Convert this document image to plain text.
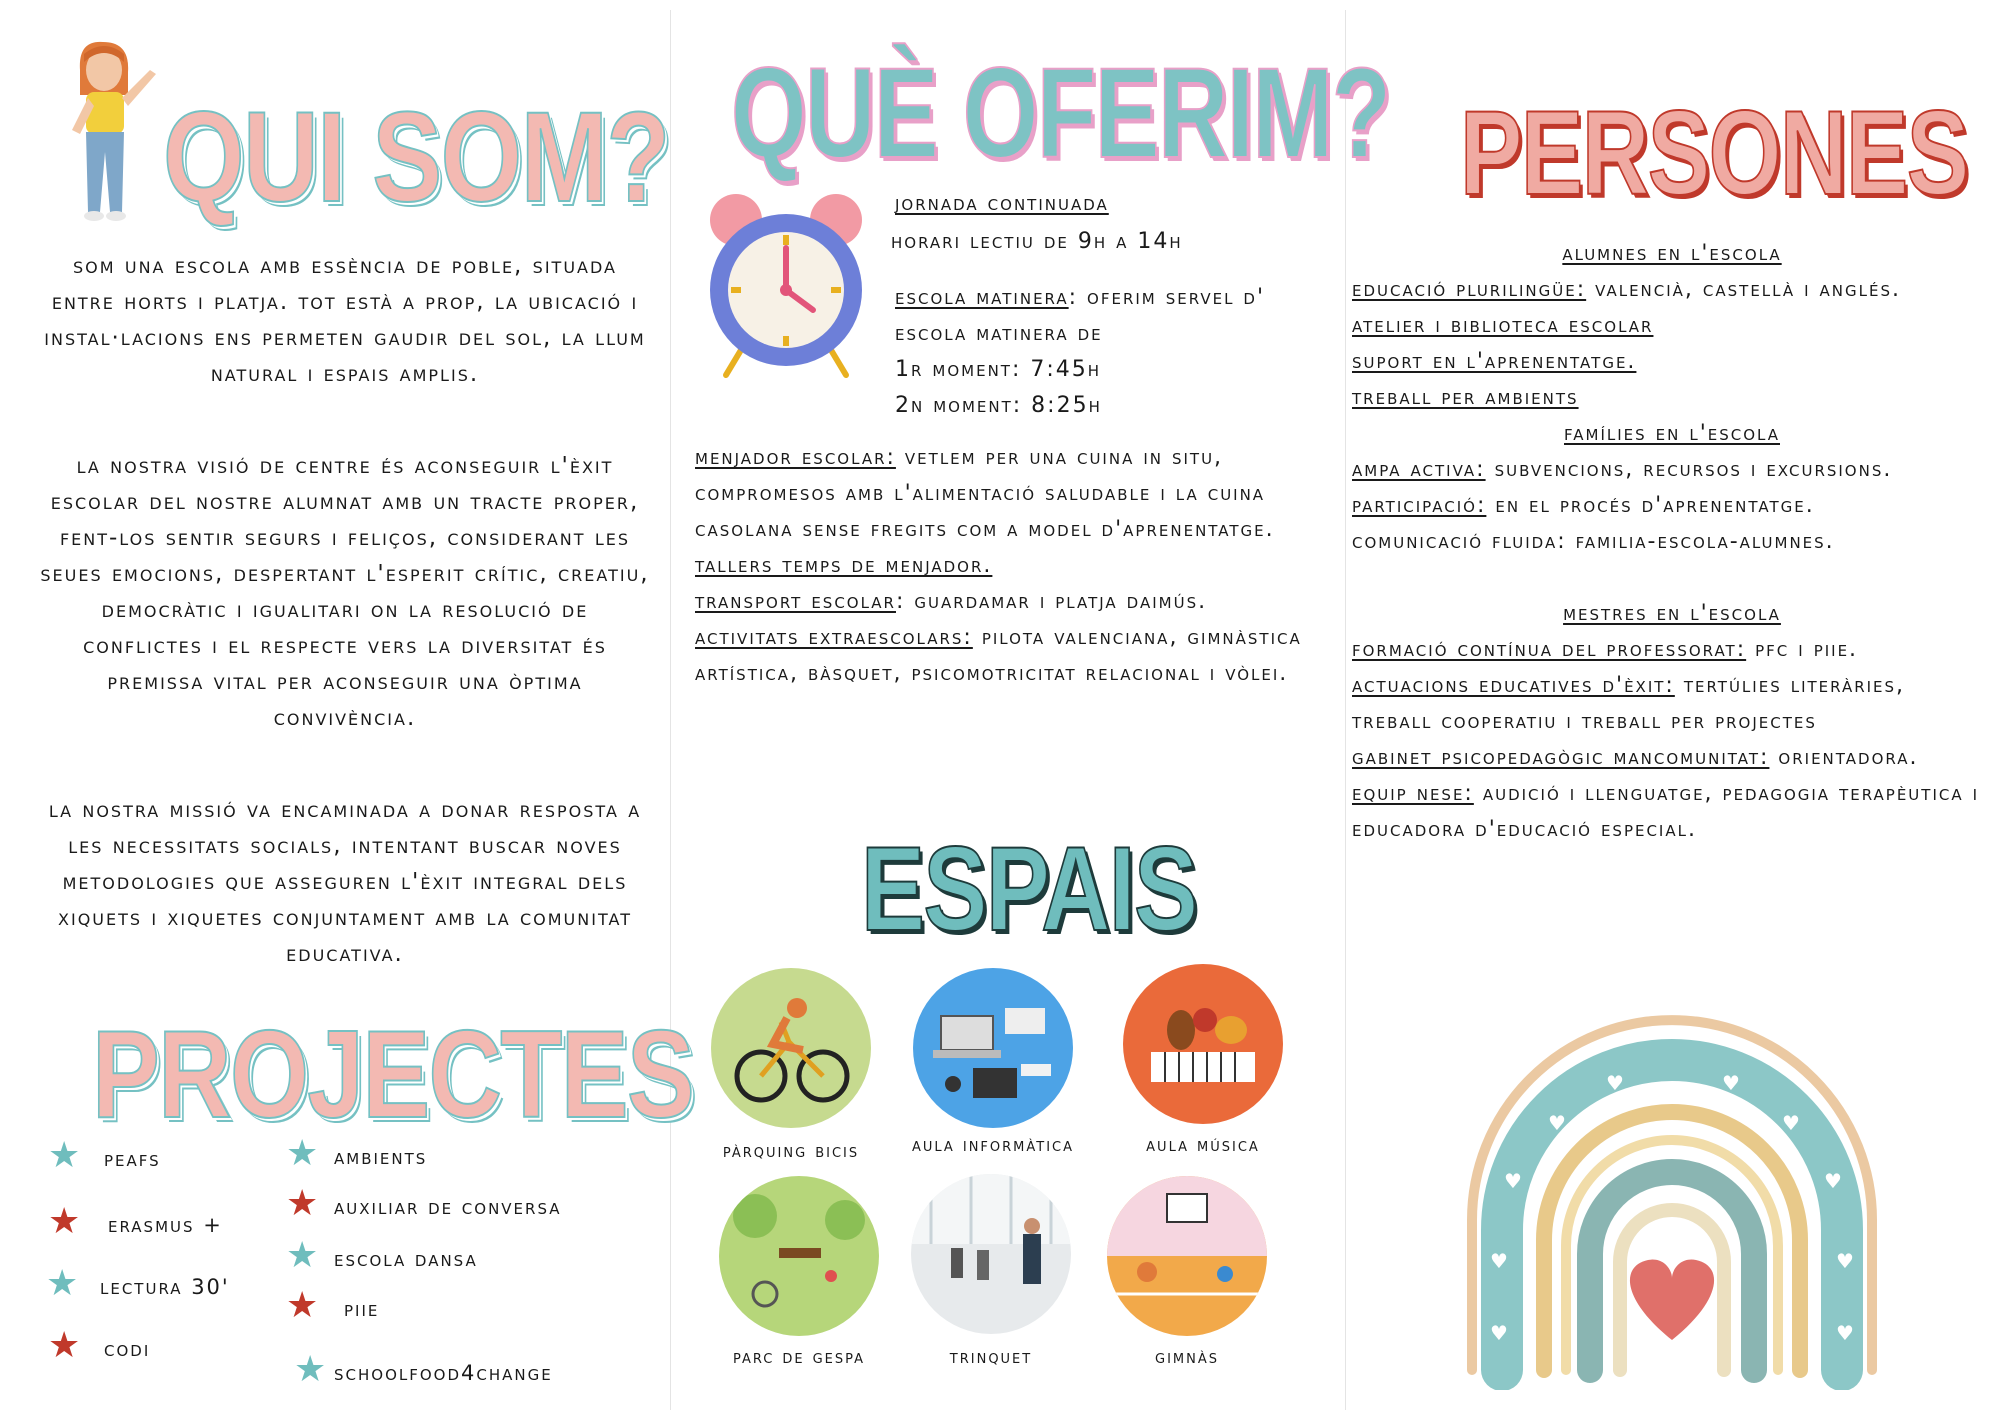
QUI SOM?
som una escola amb essència de poble, situada entre horts i platja. tot està a prop, la ubicació i instal·lacions ens permeten gaudir del sol, la llum natural i espais amplis.
la nostra visió de centre és aconseguir l'èxit escolar del nostre alumnat amb un tracte proper, fent-los sentir segurs i feliços, considerant les seues emocions, despertant l'esperit crític, creatiu, democràtic i igualitari on la resolució de conflictes i el respecte vers la diversitat és premissa vital per aconseguir una òptima convivència.
la nostra missió va encaminada a donar resposta a les necessitats socials, intentant buscar noves metodologies que asseguren l'èxit integral dels xiquets i xiquetes conjuntament amb la comunitat educativa.
PROJECTES
★ peafs
★ erasmus +
★ lectura 30'
★ codi
★ ambients
★ auxiliar de conversa
★ escola dansa
★ piie
★ schoolfood4change
QUÈ OFERIM?
jornada continuada
horari lectiu de 9h a 14h
escola matinera: oferim servel d' escola matinera de
1r moment: 7:45h
2n moment: 8:25h
menjador escolar: vetlem per una cuina in situ, compromesos amb l'alimentació saludable i la cuina casolana sense fregits com a model d'aprenentatge.
tallers temps de menjador.
transport escolar: guardamar i platja daimús.
activitats extraescolars: pilota valenciana, gimnàstica artística, bàsquet, psicomotricitat relacional i vòlei.
ESPAIS
pàrquing bicis	aula informàtica	aula música
parc de gespa	trinquet	gimnàs
PERSONES
alumnes en l'escola
educació plurilingüe: valencià, castellà i anglés.
atelier i biblioteca escolar
suport en l'aprenentatge.
treball per ambients
famílies en l'escola
ampa activa: subvencions, recursos i excursions.
participació: en el procés d'aprenentatge.
comunicació fluida: familia-escola-alumnes.
mestres en l'escola
formació contínua del professorat: pfc i piie.
actuacions educatives d'èxit: tertúlies literàries, treball cooperatiu i treball per projectes
gabinet psicopedagògic mancomunitat: orientadora.
equip nese: audició i llenguatge, pedagogia terapèutica i educadora d'educació especial.
♥
♥
♥	♥
♥
♥
♥	♥
♥	♥
